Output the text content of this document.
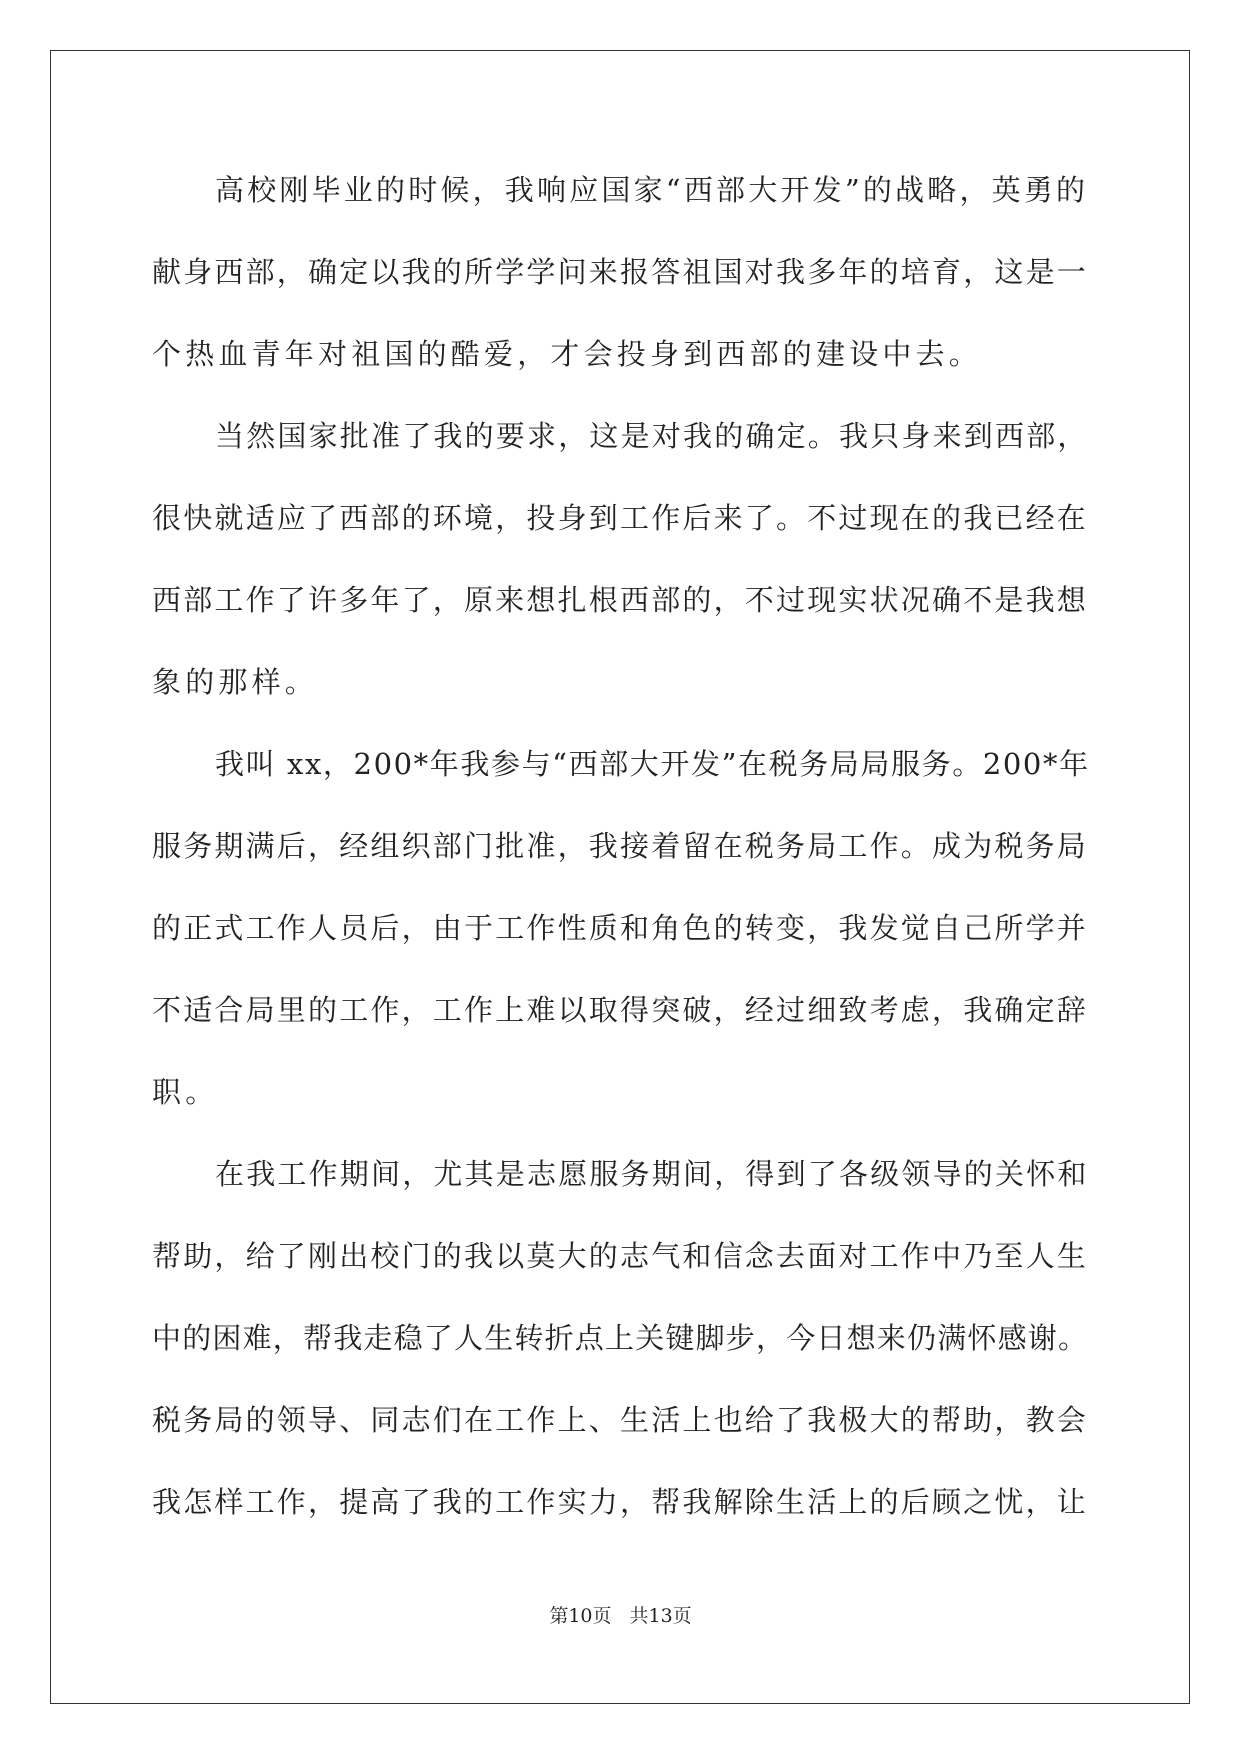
高校刚毕业的时候，我响应国家“西部大开发”的战略，英勇的
献身西部，确定以我的所学学问来报答祖国对我多年的培育，这是一
个热血青年对祖国的酷爱，才会投身到西部的建设中去。
当然国家批准了我的要求，这是对我的确定。我只身来到西部，
很快就适应了西部的环境，投身到工作后来了。不过现在的我已经在
西部工作了许多年了，原来想扎根西部的，不过现实状况确不是我想
象的那样。
我叫 xx，200*年我参与“西部大开发”在税务局局服务。200*年
服务期满后，经组织部门批准，我接着留在税务局工作。成为税务局
的正式工作人员后，由于工作性质和角色的转变，我发觉自己所学并
不适合局里的工作，工作上难以取得突破，经过细致考虑，我确定辞
职。
在我工作期间，尤其是志愿服务期间，得到了各级领导的关怀和
帮助，给了刚出校门的我以莫大的志气和信念去面对工作中乃至人生
中的困难，帮我走稳了人生转折点上关键脚步，今日想来仍满怀感谢。
税务局的领导、同志们在工作上、生活上也给了我极大的帮助，教会
我怎样工作，提高了我的工作实力，帮我解除生活上的后顾之忧，让
第10页 共13页
